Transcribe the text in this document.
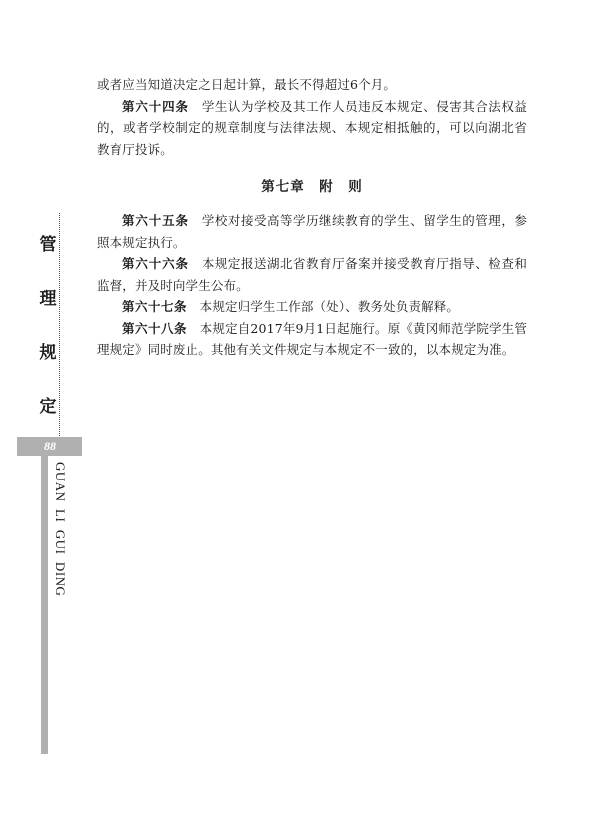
或者应当知道决定之日起计算，最长不得超过6个月。

第六十四条　 学生认为学校及其工作人员违反本规定、侵害其合法权益的，或者学校制定的规章制度与法律法规、本规定相抵触的，可以向湖北省教育厅投诉。

第七章　附　则

第六十五条　 学校对接受高等学历继续教育的学生、留学生的管理，参照本规定执行。

第六十六条　 本规定报送湖北省教育厅备案并接受教育厅指导、检查和监督，并及时向学生公布。

第六十七条　 本规定归学生工作部（处）、教务处负责解释。

第六十八条　 本规定自2017年9月1日起施行。原《黄冈师范学院学生管理规定》同时废止。其他有关文件规定与本规定不一致的，以本规定为准。

管
理
规
定
88
GUAN  LI  GUI  DING
